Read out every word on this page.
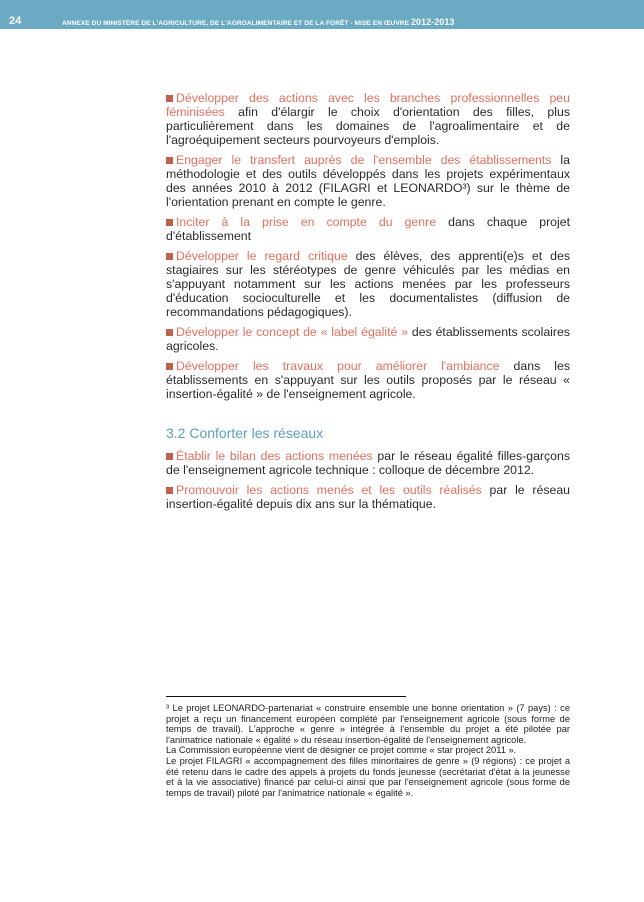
24	ANNEXE DU MINISTÈRE DE L'AGRICULTURE, DE L'AGROALIMENTAIRE ET DE LA FORÊT - MISE EN ŒUVRE 2012-2013

Développer des actions avec les branches professionnelles peu féminisées afin d'élargir le choix d'orientation des filles, plus particulièrement dans les domaines de l'agroalimentaire et de l'agroéquipement secteurs pourvoyeurs d'emplois.

Engager le transfert auprès de l'ensemble des établissements la méthodologie et des outils développés dans les projets expérimentaux des années 2010 à 2012 (FILAGRI et LEONARDO³) sur le thème de l'orientation prenant en compte le genre.

Inciter à la prise en compte du genre dans chaque projet d'établissement

Développer le regard critique des élèves, des apprenti(e)s et des stagiaires sur les stéréotypes de genre véhiculés par les médias en s'appuyant notamment sur les actions menées par les professeurs d'éducation socioculturelle et les documentalistes (diffusion de recommandations pédagogiques).

Développer le concept de « label égalité » des établissements scolaires agricoles.

Développer les travaux pour améliorer l'ambiance dans les établissements en s'appuyant sur les outils proposés par le réseau « insertion-égalité » de l'enseignement agricole.

3.2 Conforter les réseaux

Établir le bilan des actions menées par le réseau égalité filles-garçons de l'enseignement agricole technique : colloque de décembre 2012.

Promouvoir les actions menés et les outils réalisés par le réseau insertion-égalité depuis dix ans sur la thématique.

³ Le projet LEONARDO-partenariat « construire ensemble une bonne orientation » (7 pays) : ce projet a reçu un financement européen complété par l'enseignement agricole (sous forme de temps de travail). L'approche « genre » intégrée à l'ensemble du projet a été pilotée par l'animatrice nationale « égalité » du réseau insertion-égalité de l'enseignement agricole.

La Commission européenne vient de désigner ce projet comme « star project 2011 ».

Le projet FILAGRI « accompagnement des filles minoritaires de genre » (9 régions) : ce projet a été retenu dans le cadre des appels à projets du fonds jeunesse (secrétariat d'état à la jeunesse et à la vie associative) financé par celui-ci ainsi que par l'enseignement agricole (sous forme de temps de travail) piloté par l'animatrice nationale « égalité ».
